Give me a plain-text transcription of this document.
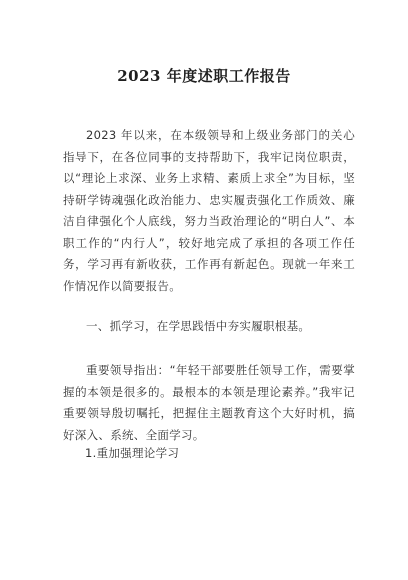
2023 年度述职工作报告
2023 年以来，在本级领导和上级业务部门的关心指导下，在各位同事的支持帮助下，我牢记岗位职责，以“理论上求深、业务上求精、素质上求全”为目标，坚持研学铸魂强化政治能力、忠实履责强化工作质效、廉洁自律强化个人底线，努力当政治理论的“明白人”、本职工作的“内行人”，较好地完成了承担的各项工作任务，学习再有新收获，工作再有新起色。现就一年来工作情况作以简要报告。
一、抓学习，在学思践悟中夯实履职根基。
重要领导指出：“年轻干部要胜任领导工作，需要掌握的本领是很多的。最根本的本领是理论素养。”我牢记重要领导殷切嘱托，把握住主题教育这个大好时机，搞好深入、系统、全面学习。
1.重加强理论学习
